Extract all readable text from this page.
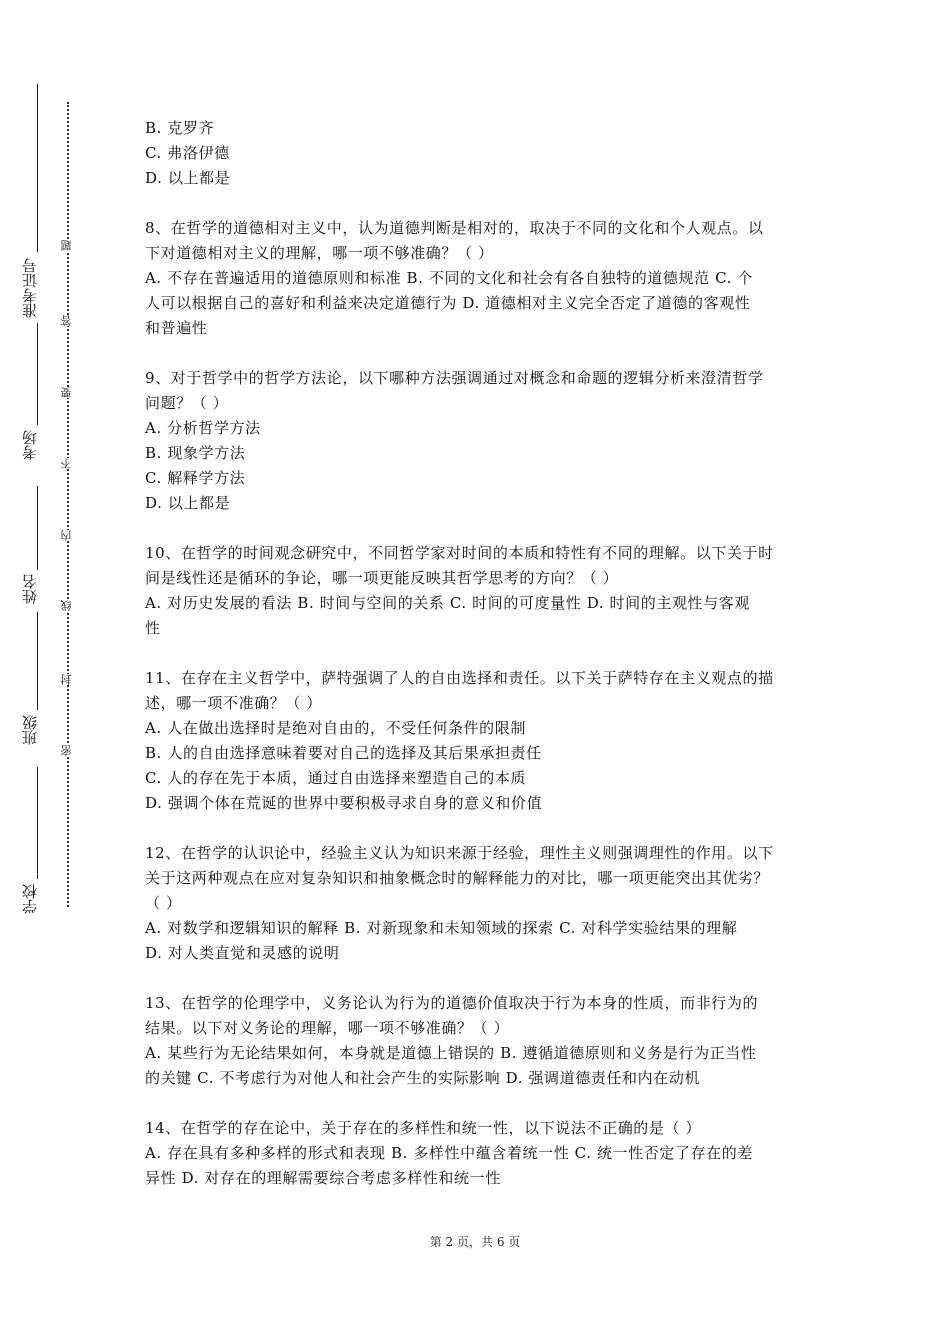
学校
班级
姓名
考场
准考证号
题
答
要
不
内
线
封
密
B. 克罗齐
C. 弗洛伊德
D. 以上都是
8、在哲学的道德相对主义中，认为道德判断是相对的，取决于不同的文化和个人观点。以
下对道德相对主义的理解，哪一项不够准确？（ ）
A. 不存在普遍适用的道德原则和标准 B. 不同的文化和社会有各自独特的道德规范 C. 个
人可以根据自己的喜好和利益来决定道德行为 D. 道德相对主义完全否定了道德的客观性
和普遍性
9、对于哲学中的哲学方法论，以下哪种方法强调通过对概念和命题的逻辑分析来澄清哲学
问题？（ ）
A. 分析哲学方法
B. 现象学方法
C. 解释学方法
D. 以上都是
10、在哲学的时间观念研究中，不同哲学家对时间的本质和特性有不同的理解。以下关于时
间是线性还是循环的争论，哪一项更能反映其哲学思考的方向？（ ）
A. 对历史发展的看法 B. 时间与空间的关系 C. 时间的可度量性 D. 时间的主观性与客观
性
11、在存在主义哲学中，萨特强调了人的自由选择和责任。以下关于萨特存在主义观点的描
述，哪一项不准确？（ ）
A. 人在做出选择时是绝对自由的，不受任何条件的限制
B. 人的自由选择意味着要对自己的选择及其后果承担责任
C. 人的存在先于本质，通过自由选择来塑造自己的本质
D. 强调个体在荒诞的世界中要积极寻求自身的意义和价值
12、在哲学的认识论中，经验主义认为知识来源于经验，理性主义则强调理性的作用。以下
关于这两种观点在应对复杂知识和抽象概念时的解释能力的对比，哪一项更能突出其优劣？
（ ）
A. 对数学和逻辑知识的解释 B. 对新现象和未知领域的探索 C. 对科学实验结果的理解
D. 对人类直觉和灵感的说明
13、在哲学的伦理学中，义务论认为行为的道德价值取决于行为本身的性质，而非行为的
结果。以下对义务论的理解，哪一项不够准确？（ ）
A. 某些行为无论结果如何，本身就是道德上错误的 B. 遵循道德原则和义务是行为正当性
的关键 C. 不考虑行为对他人和社会产生的实际影响 D. 强调道德责任和内在动机
14、在哲学的存在论中，关于存在的多样性和统一性，以下说法不正确的是（ ）
A. 存在具有多种多样的形式和表现 B. 多样性中蕴含着统一性 C. 统一性否定了存在的差
异性 D. 对存在的理解需要综合考虑多样性和统一性
第 2 页，共 6 页
